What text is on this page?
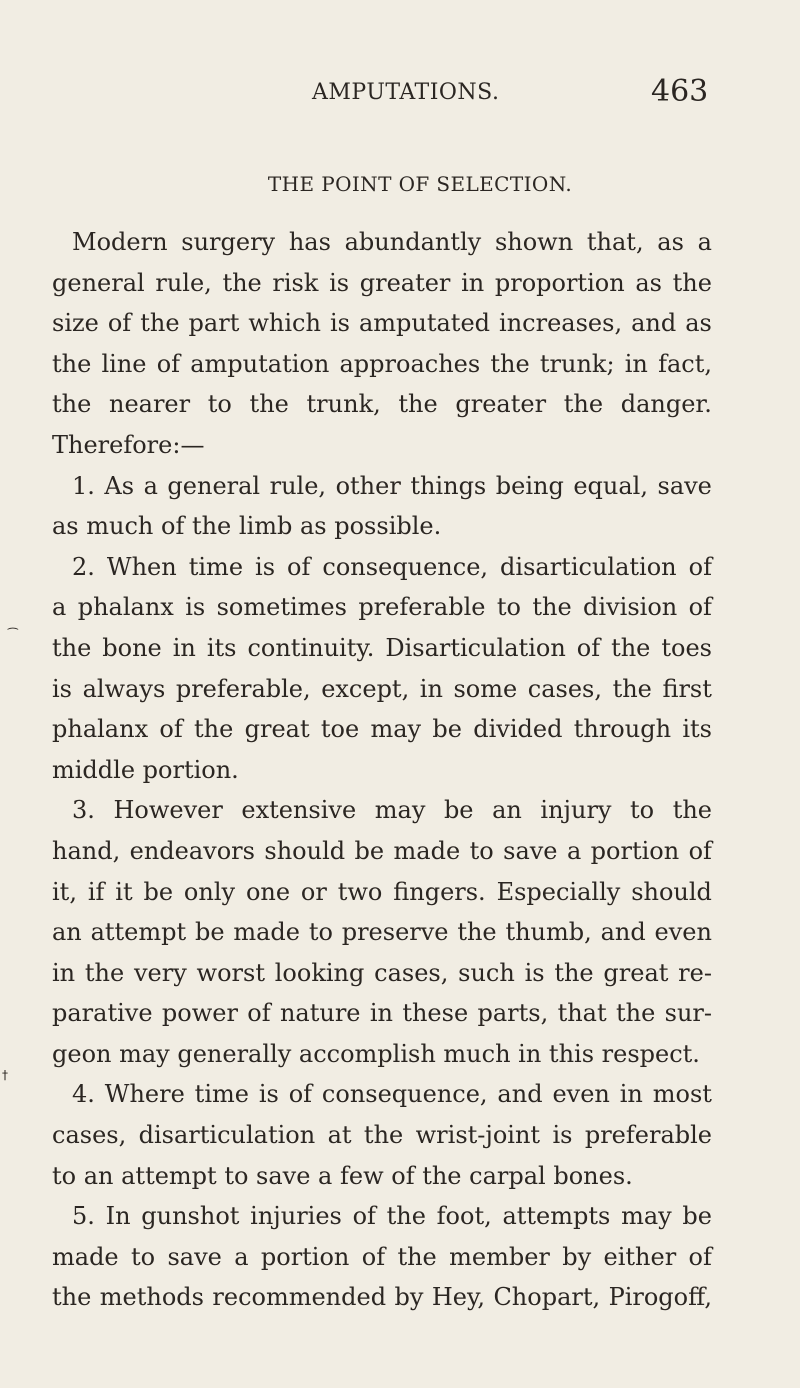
AMPUTATIONS.	463
THE POINT OF SELECTION.
Modern surgery has abundantly shown that, as a
general rule, the risk is greater in proportion as the
size of the part which is amputated increases, and as
the line of amputation approaches the trunk; in fact,
the nearer to the trunk, the greater the danger.
Therefore:—
1. As a general rule, other things being equal, save
as much of the limb as possible.
2. When time is of consequence, disarticulation of
a phalanx is sometimes preferable to the division of
the bone in its continuity. Disarticulation of the toes
is always preferable, except, in some cases, the first
phalanx of the great toe may be divided through its
middle portion.
3. However extensive may be an injury to the
hand, endeavors should be made to save a portion of
it, if it be only one or two fingers. Especially should
an attempt be made to preserve the thumb, and even
in the very worst looking cases, such is the great re-
parative power of nature in these parts, that the sur-
geon may generally accomplish much in this respect.
4. Where time is of consequence, and even in most
cases, disarticulation at the wrist-joint is preferable
to an attempt to save a few of the carpal bones.
5. In gunshot injuries of the foot, attempts may be
made to save a portion of the member by either of
the methods recommended by Hey, Chopart, Pirogoff,
⁀
†
